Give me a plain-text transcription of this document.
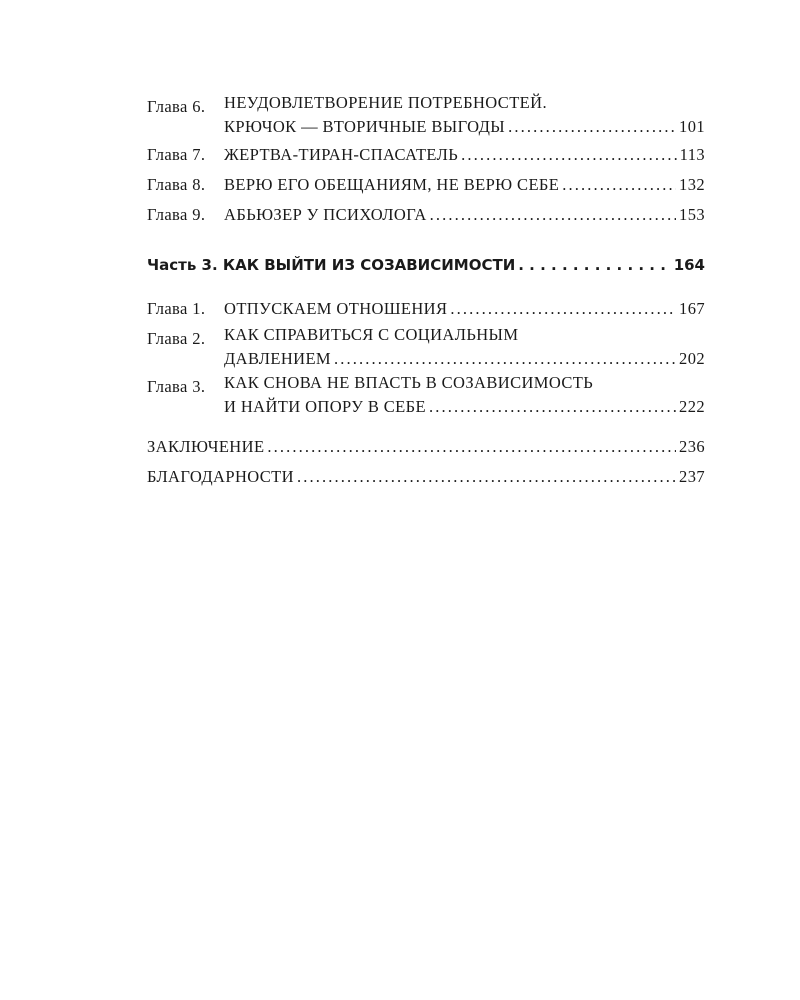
Глава 6.	НЕУДОВЛЕТВОРЕНИЕ ПОТРЕБНОСТЕЙ.
КРЮЧОК — ВТОРИЧНЫЕ ВЫГОДЫ . . .	101
Глава 7.	ЖЕРТВА-ТИРАН-СПАСАТЕЛЬ . . .	113
Глава 8.	ВЕРЮ ЕГО ОБЕЩАНИЯМ, НЕ ВЕРЮ СЕБЕ . . .	132
Глава 9.	АБЬЮЗЕР У ПСИХОЛОГА . . .	153
Часть 3. КАК ВЫЙТИ ИЗ СОЗАВИСИМОСТИ . . .	164
Глава 1.	ОТПУСКАЕМ ОТНОШЕНИЯ . . .	167
Глава 2.	КАК СПРАВИТЬСЯ С СОЦИАЛЬНЫМ
ДАВЛЕНИЕМ . . .	202
Глава 3.	КАК СНОВА НЕ ВПАСТЬ В СОЗАВИСИМОСТЬ
И НАЙТИ ОПОРУ В СЕБЕ . . .	222
ЗАКЛЮЧЕНИЕ . . .	236
БЛАГОДАРНОСТИ . . .	237
